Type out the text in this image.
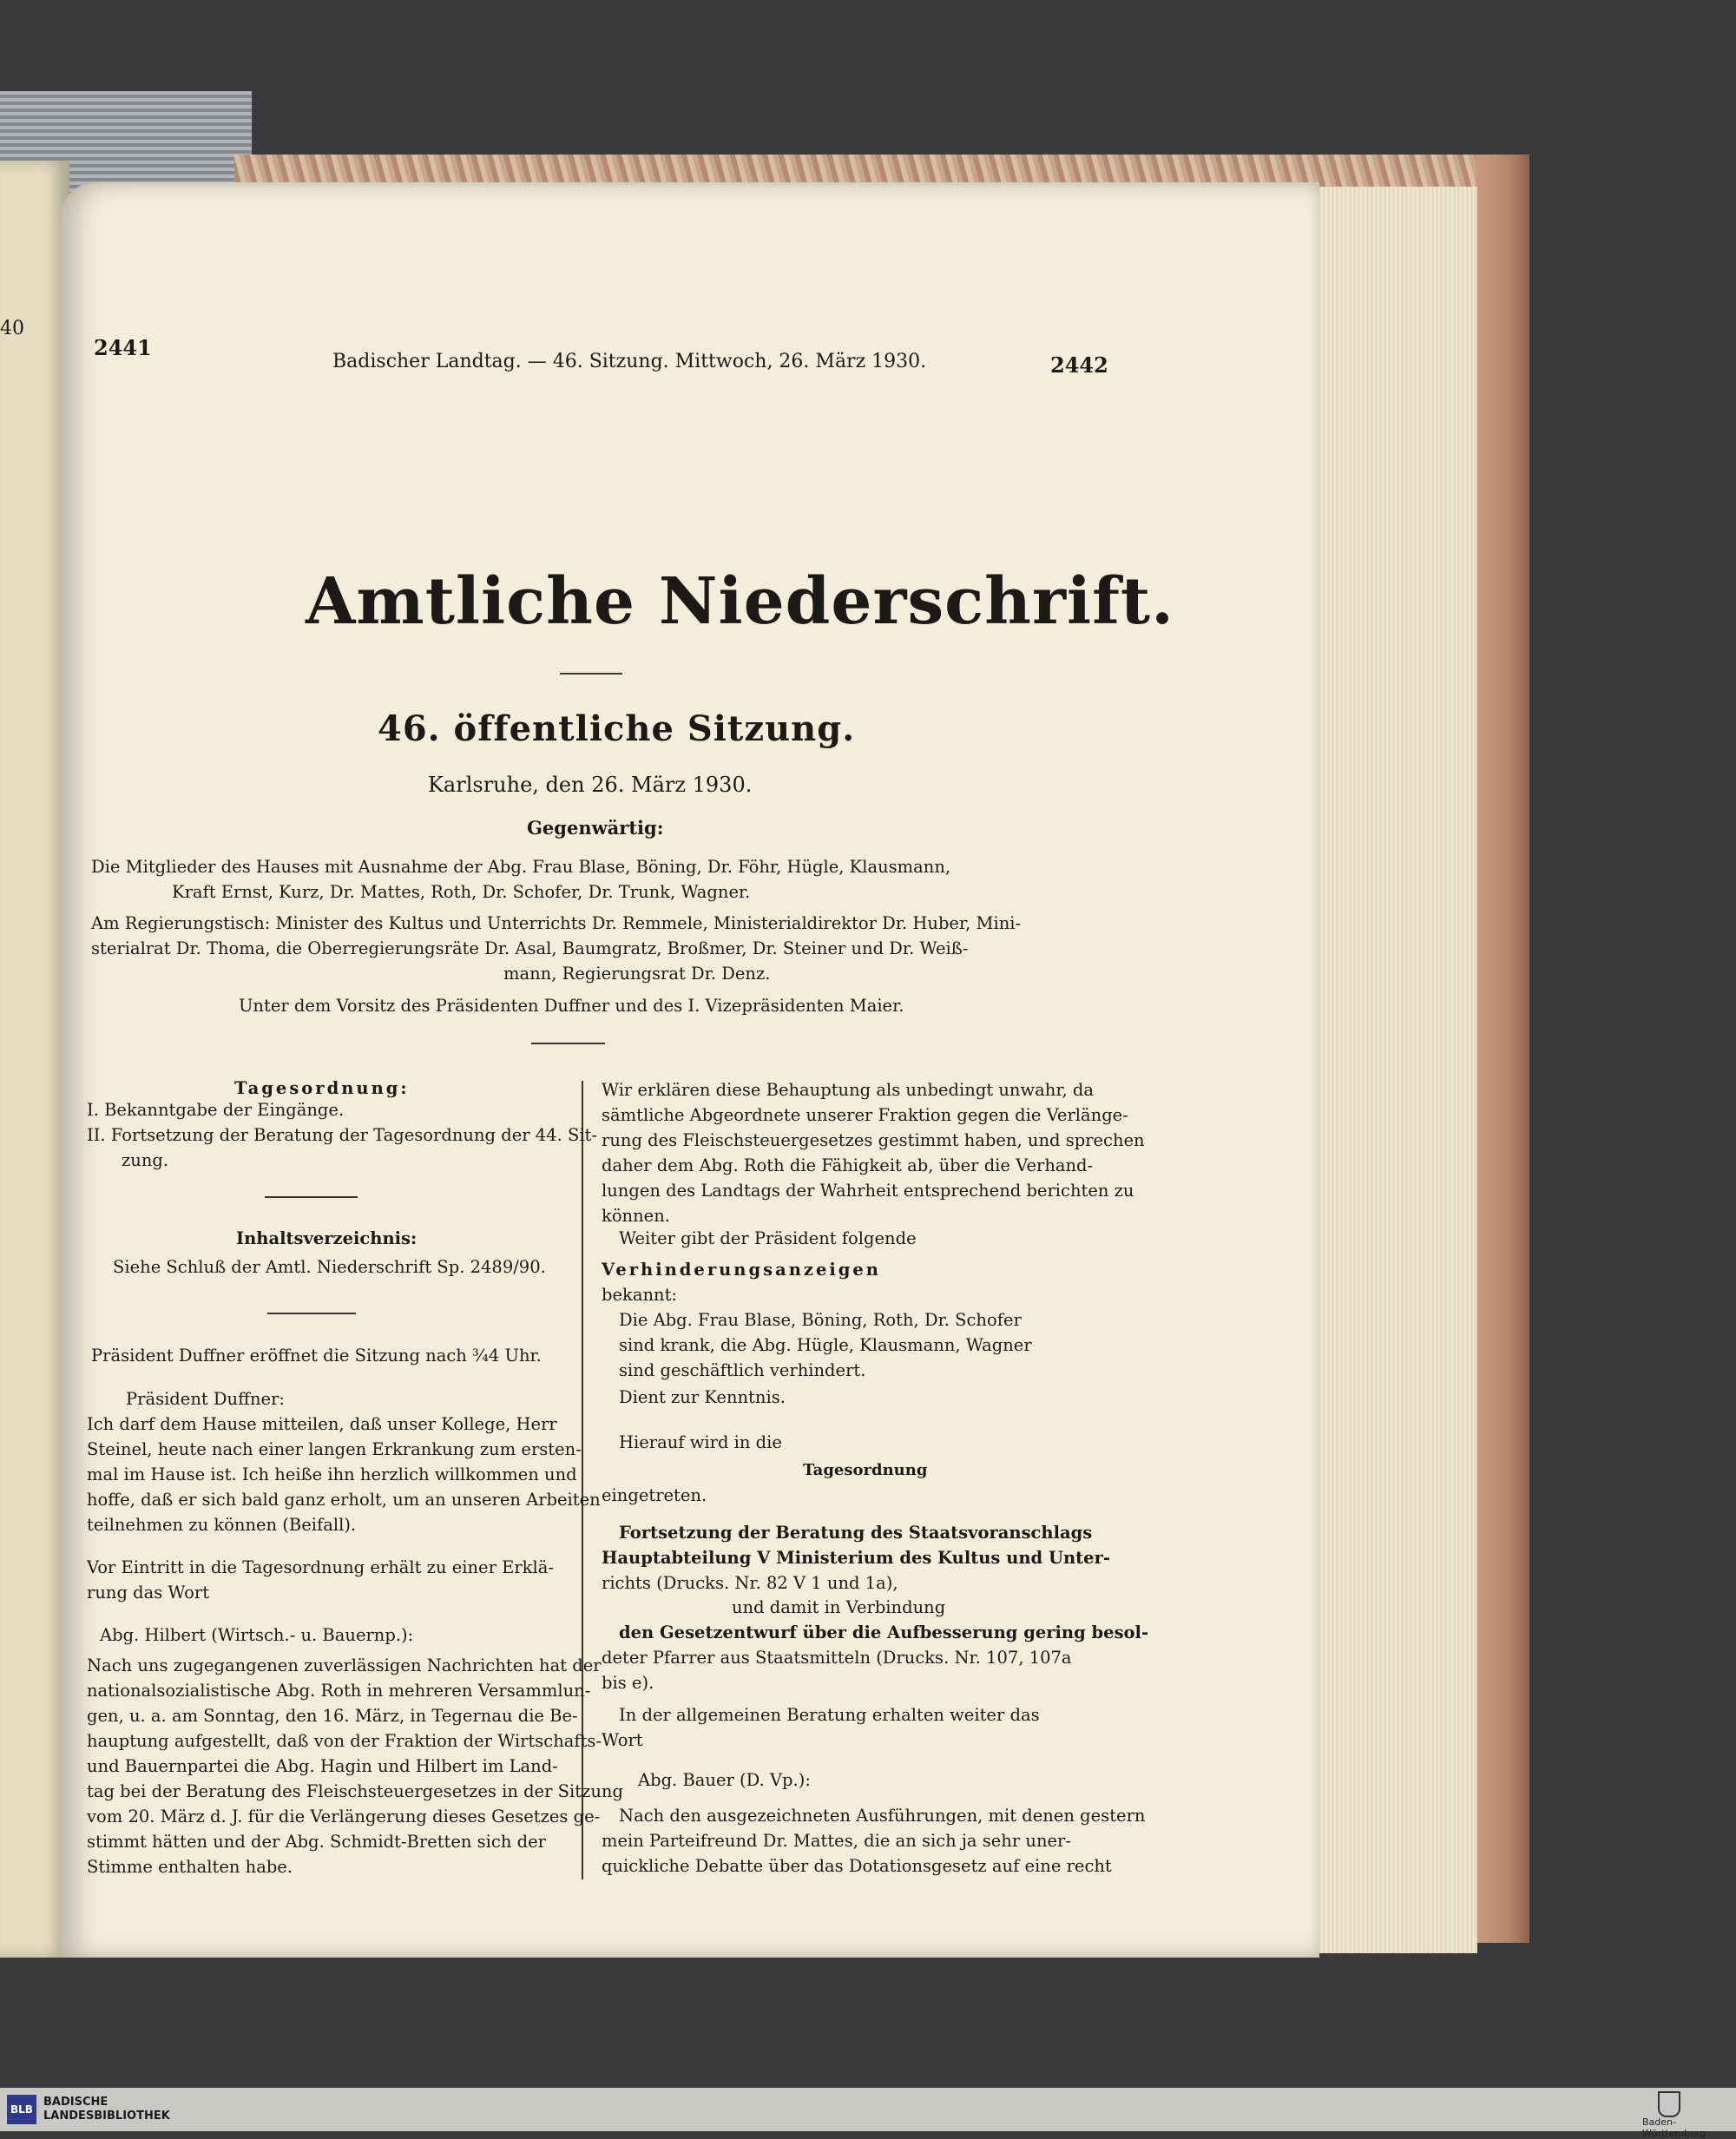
40
2441
Badischer Landtag. — 46. Sitzung. Mittwoch, 26. März 1930.	2442
Amtliche Niederschrift.
46. öffentliche Sitzung.
Karlsruhe, den 26. März 1930.
Gegenwärtig:
Die Mitglieder des Hauses mit Ausnahme der Abg. Frau Blase, Böning, Dr. Föhr, Hügle, Klausmann,
Kraft Ernst, Kurz, Dr. Mattes, Roth, Dr. Schofer, Dr. Trunk, Wagner.
Am Regierungstisch: Minister des Kultus und Unterrichts Dr. Remmele, Ministerialdirektor Dr. Huber, Mini-
sterialrat Dr. Thoma, die Oberregierungsräte Dr. Asal, Baumgratz, Broßmer, Dr. Steiner und Dr. Weiß-
mann, Regierungsrat Dr. Denz.
Unter dem Vorsitz des Präsidenten Duffner und des I. Vizepräsidenten Maier.
Tagesordnung:
I. Bekanntgabe der Eingänge.
II. Fortsetzung der Beratung der Tagesordnung der 44. Sit-
zung.
Inhaltsverzeichnis:
Siehe Schluß der Amtl. Niederschrift Sp. 2489/90.
Präsident Duffner eröffnet die Sitzung nach ¾4 Uhr.
Präsident Duffner:
Ich darf dem Hause mitteilen, daß unser Kollege, Herr
Steinel, heute nach einer langen Erkrankung zum ersten-
mal im Hause ist. Ich heiße ihn herzlich willkommen und
hoffe, daß er sich bald ganz erholt, um an unseren Arbeiten
teilnehmen zu können (Beifall).
Vor Eintritt in die Tagesordnung erhält zu einer Erklä-
rung das Wort
Abg. Hilbert (Wirtsch.- u. Bauernp.):
Nach uns zugegangenen zuverlässigen Nachrichten hat der
nationalsozialistische Abg. Roth in mehreren Versammlun-
gen, u. a. am Sonntag, den 16. März, in Tegernau die Be-
hauptung aufgestellt, daß von der Fraktion der Wirtschafts-
und Bauernpartei die Abg. Hagin und Hilbert im Land-
tag bei der Beratung des Fleischsteuergesetzes in der Sitzung
vom 20. März d. J. für die Verlängerung dieses Gesetzes ge-
stimmt hätten und der Abg. Schmidt-Bretten sich der
Stimme enthalten habe.
Wir erklären diese Behauptung als unbedingt unwahr, da
sämtliche Abgeordnete unserer Fraktion gegen die Verlänge-
rung des Fleischsteuergesetzes gestimmt haben, und sprechen
daher dem Abg. Roth die Fähigkeit ab, über die Verhand-
lungen des Landtags der Wahrheit entsprechend berichten zu
können.
Weiter gibt der Präsident folgende
Verhinderungsanzeigen
bekannt:
Die Abg. Frau Blase, Böning, Roth, Dr. Schofer
sind krank, die Abg. Hügle, Klausmann, Wagner
sind geschäftlich verhindert.
Dient zur Kenntnis.
Hierauf wird in die
Tagesordnung
eingetreten.
Fortsetzung der Beratung des Staatsvoranschlags
Hauptabteilung V Ministerium des Kultus und Unter-
richts (Drucks. Nr. 82 V 1 und 1a),
und damit in Verbindung
den Gesetzentwurf über die Aufbesserung gering besol-
deter Pfarrer aus Staatsmitteln (Drucks. Nr. 107, 107a
bis e).
In der allgemeinen Beratung erhalten weiter das
Wort
Abg. Bauer (D. Vp.):
Nach den ausgezeichneten Ausführungen, mit denen gestern
mein Parteifreund Dr. Mattes, die an sich ja sehr uner-
quickliche Debatte über das Dotationsgesetz auf eine recht
BLB
BADISCHE
LANDESBIBLIOTHEK	Baden-Württemberg
